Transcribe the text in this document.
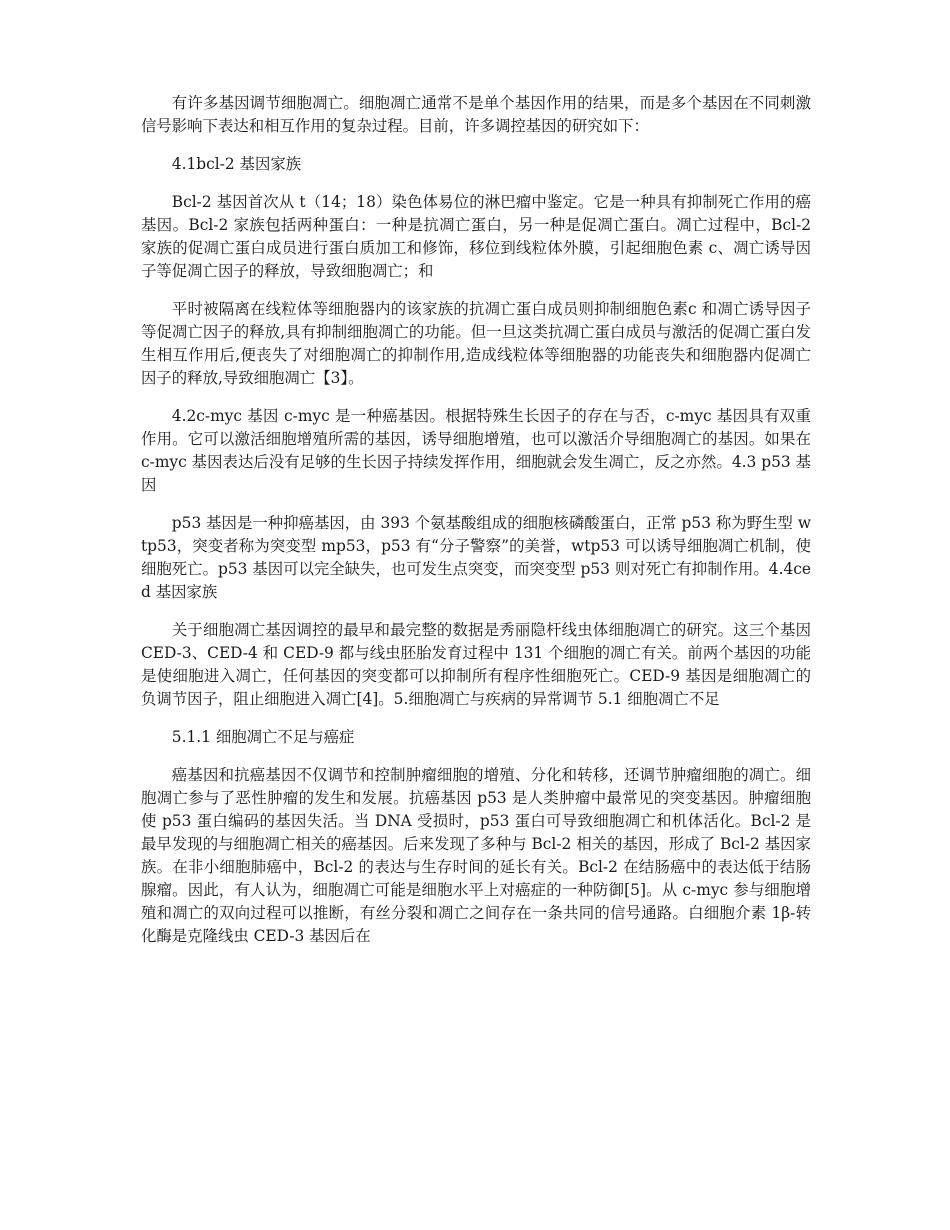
有许多基因调节细胞凋亡。细胞凋亡通常不是单个基因作用的结果，而是多个基因在不同刺激信号影响下表达和相互作用的复杂过程。目前，许多调控基因的研究如下：

4.1bcl-2 基因家族

Bcl-2 基因首次从 t（14；18）染色体易位的淋巴瘤中鉴定。它是一种具有抑制死亡作用的癌基因。Bcl-2 家族包括两种蛋白：一种是抗凋亡蛋白，另一种是促凋亡蛋白。凋亡过程中，Bcl-2 家族的促凋亡蛋白成员进行蛋白质加工和修饰，移位到线粒体外膜，引起细胞色素 c、凋亡诱导因子等促凋亡因子的释放，导致细胞凋亡；和

平时被隔离在线粒体等细胞器内的该家族的抗凋亡蛋白成员则抑制细胞色素c 和凋亡诱导因子等促凋亡因子的释放,具有抑制细胞凋亡的功能。但一旦这类抗凋亡蛋白成员与激活的促凋亡蛋白发生相互作用后,便丧失了对细胞凋亡的抑制作用,造成线粒体等细胞器的功能丧失和细胞器内促凋亡因子的释放,导致细胞凋亡【3】。

4.2c-myc 基因 c-myc 是一种癌基因。根据特殊生长因子的存在与否，c-myc 基因具有双重作用。它可以激活细胞增殖所需的基因，诱导细胞增殖，也可以激活介导细胞凋亡的基因。如果在 c-myc 基因表达后没有足够的生长因子持续发挥作用，细胞就会发生凋亡，反之亦然。4.3 p53 基因

p53 基因是一种抑癌基因，由 393 个氨基酸组成的细胞核磷酸蛋白，正常 p53 称为野生型 wtp53，突变者称为突变型 mp53，p53 有“分子警察”的美誉，wtp53 可以诱导细胞凋亡机制，使细胞死亡。p53 基因可以完全缺失，也可发生点突变，而突变型 p53 则对死亡有抑制作用。4.4ced 基因家族

关于细胞凋亡基因调控的最早和最完整的数据是秀丽隐杆线虫体细胞凋亡的研究。这三个基因 CED-3、CED-4 和 CED-9 都与线虫胚胎发育过程中 131 个细胞的凋亡有关。前两个基因的功能是使细胞进入凋亡，任何基因的突变都可以抑制所有程序性细胞死亡。CED-9 基因是细胞凋亡的负调节因子，阻止细胞进入凋亡[4]。5.细胞凋亡与疾病的异常调节 5.1 细胞凋亡不足

5.1.1 细胞凋亡不足与癌症

癌基因和抗癌基因不仅调节和控制肿瘤细胞的增殖、分化和转移，还调节肿瘤细胞的凋亡。细胞凋亡参与了恶性肿瘤的发生和发展。抗癌基因 p53 是人类肿瘤中最常见的突变基因。肿瘤细胞使 p53 蛋白编码的基因失活。当 DNA 受损时，p53 蛋白可导致细胞凋亡和机体活化。Bcl-2 是最早发现的与细胞凋亡相关的癌基因。后来发现了多种与 Bcl-2 相关的基因，形成了 Bcl-2 基因家族。在非小细胞肺癌中，Bcl-2 的表达与生存时间的延长有关。Bcl-2 在结肠癌中的表达低于结肠腺瘤。因此，有人认为，细胞凋亡可能是细胞水平上对癌症的一种防御[5]。从 c-myc 参与细胞增殖和凋亡的双向过程可以推断，有丝分裂和凋亡之间存在一条共同的信号通路。白细胞介素 1β-转化酶是克隆线虫 CED-3 基因后在
